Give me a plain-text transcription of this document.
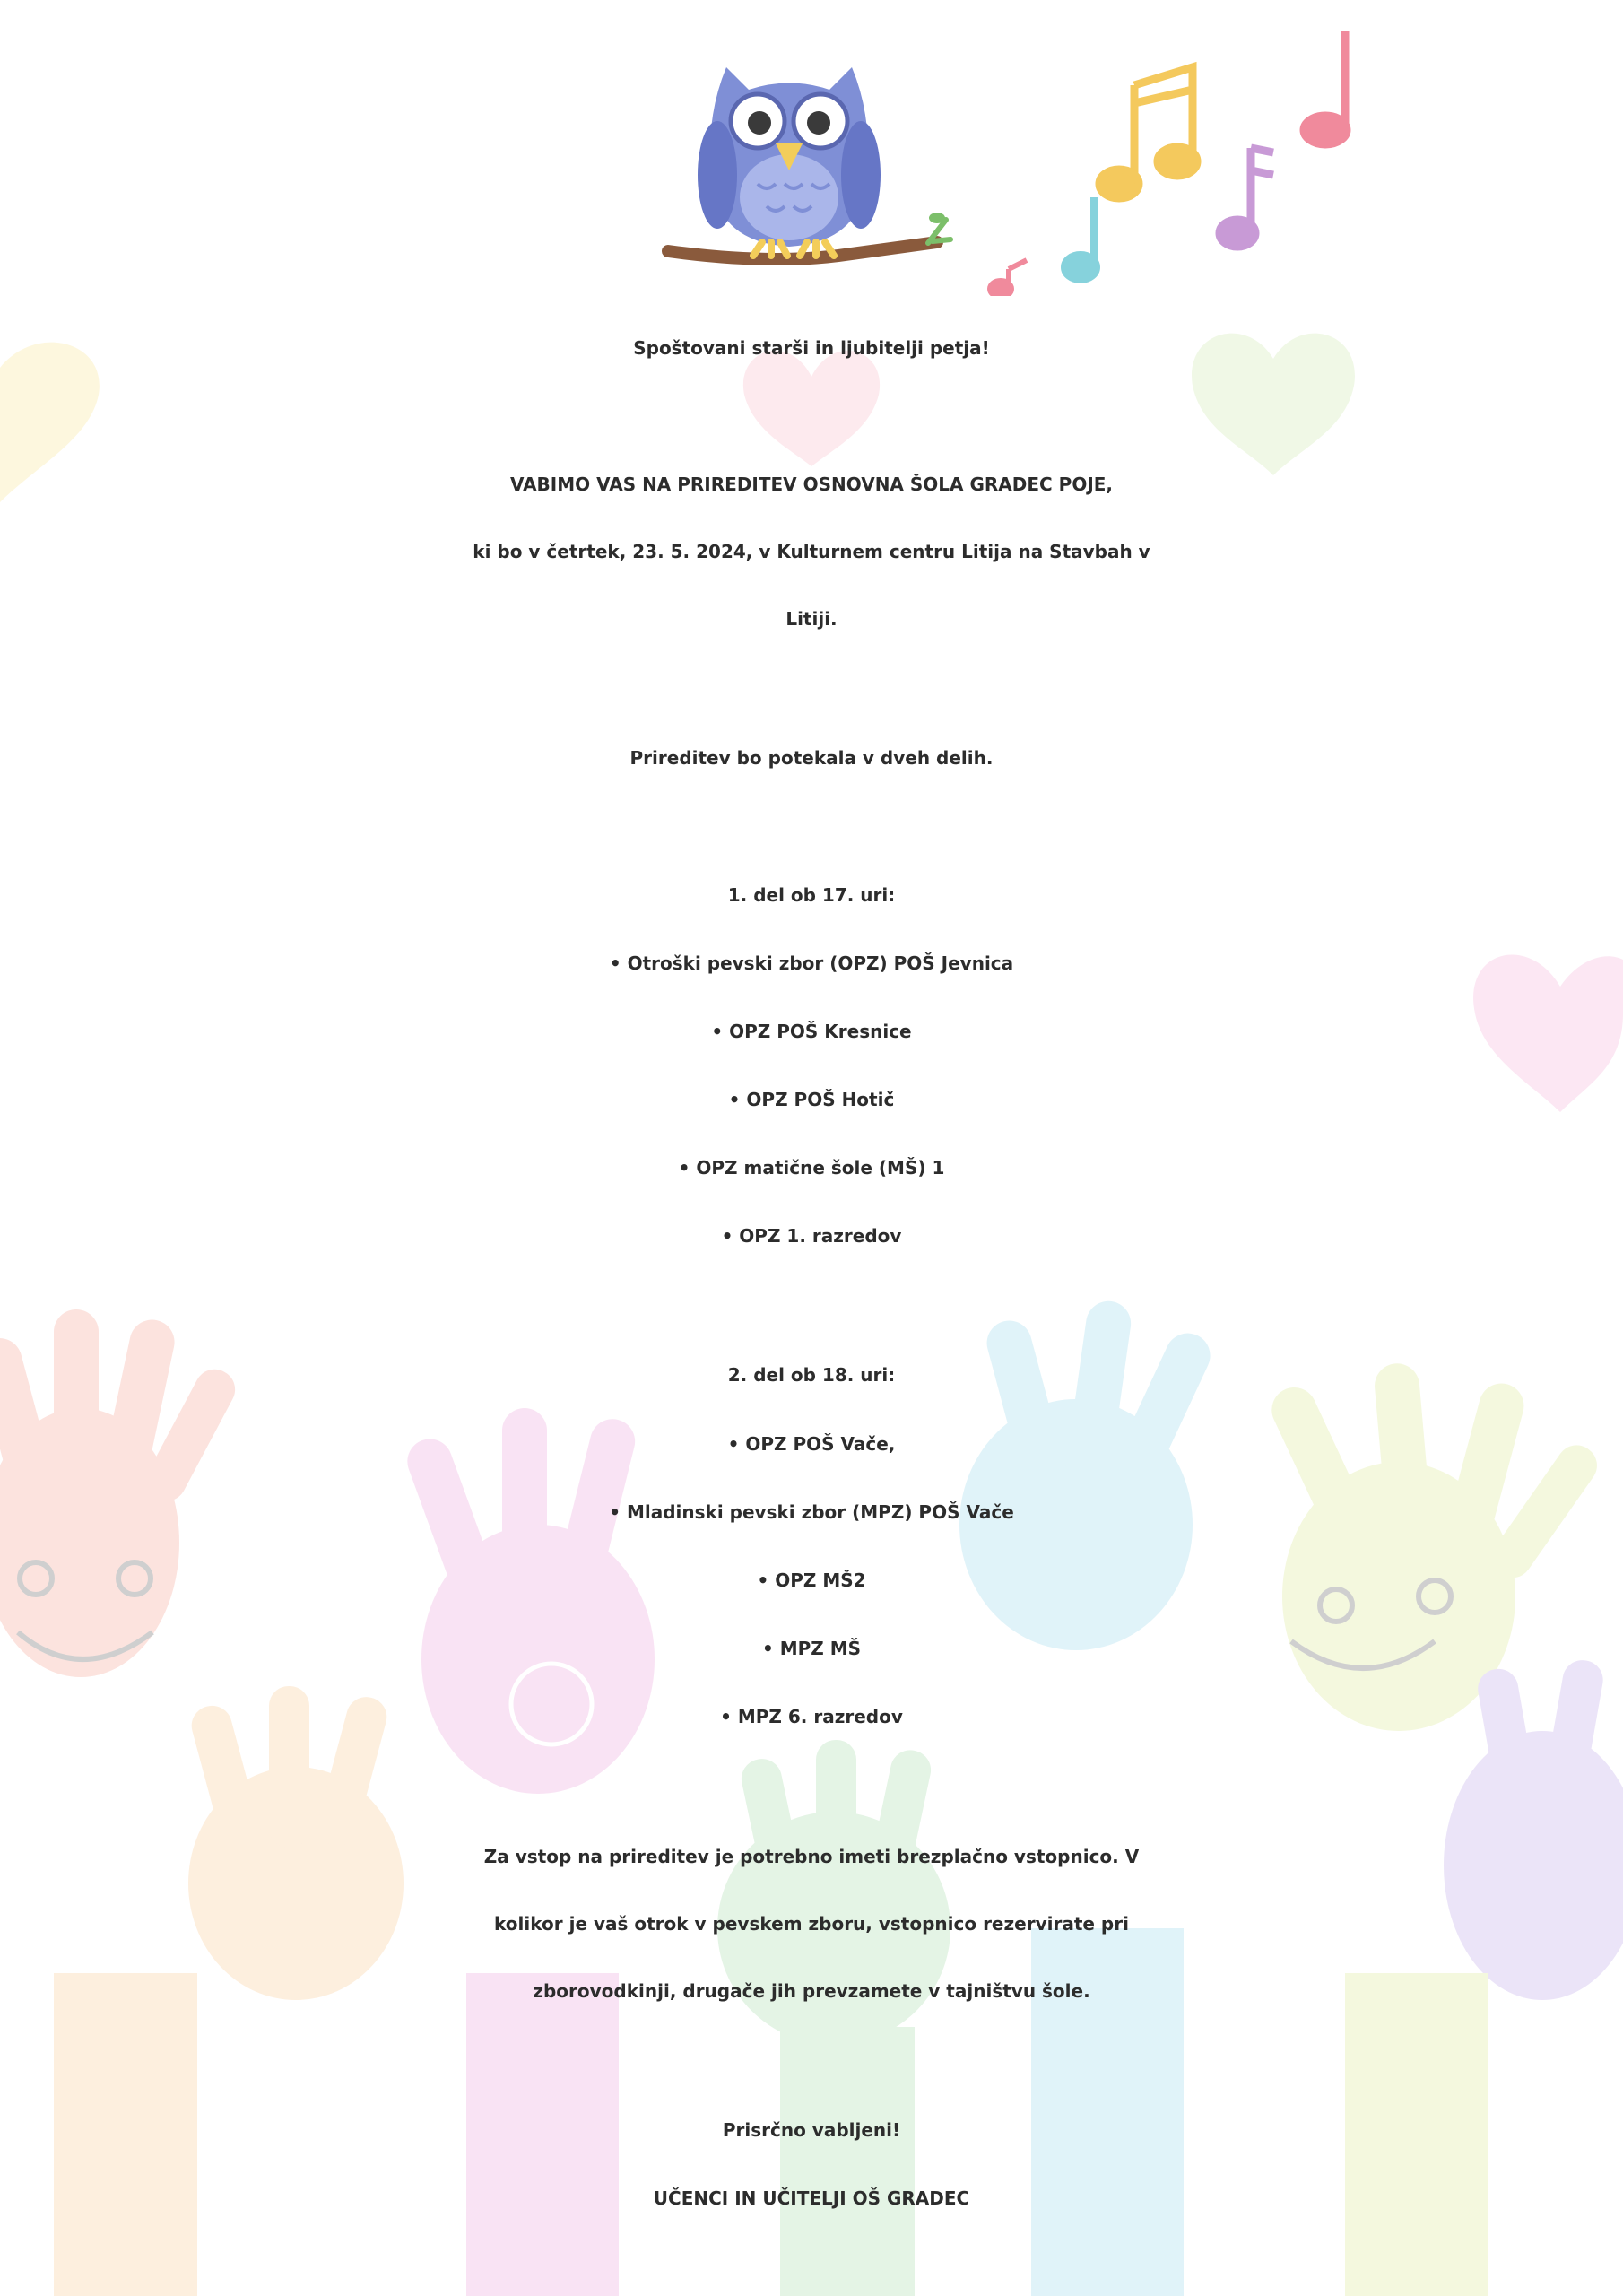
Spoštovani starši in ljubitelji petja!
VABIMO VAS NA PRIREDITEV OSNOVNA ŠOLA GRADEC POJE,
ki bo v četrtek, 23. 5. 2024, v Kulturnem centru Litija na Stavbah v
Litiji.
Prireditev bo potekala v dveh delih.
1. del ob 17. uri:
• Otroški pevski zbor (OPZ) POŠ Jevnica
• OPZ POŠ Kresnice
• OPZ POŠ Hotič
• OPZ matične šole (MŠ) 1
• OPZ 1. razredov
2. del ob 18. uri:
• OPZ POŠ Vače,
• Mladinski pevski zbor (MPZ) POŠ Vače
• OPZ MŠ2
• MPZ MŠ
• MPZ 6. razredov
Za vstop na prireditev je potrebno imeti brezplačno vstopnico. V
kolikor je vaš otrok v pevskem zboru, vstopnico rezervirate pri
zborovodkinji, drugače jih prevzamete v tajništvu šole.
Prisrčno vabljeni!
UČENCI IN UČITELJI OŠ GRADEC
